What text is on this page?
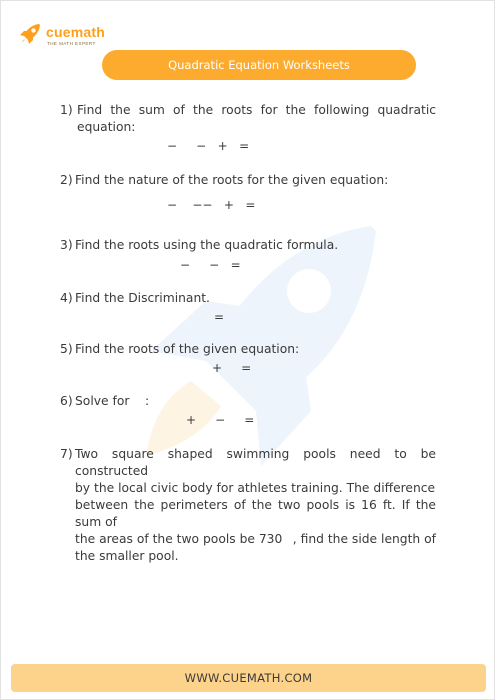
cuemath
THE MATH EXPERT
Quadratic Equation Worksheets
1) Find the sum of the roots for the following quadratic equation:
−     −   +   =
2) Find the nature of the roots for the given equation:
−    −−   +   =
3) Find the roots using the quadratic formula.
−     −   =
4) Find the Discriminant.
=
5) Find the roots of the given equation:
+     =
6) Solve for :
+     −     =
7) Two square shaped swimming pools need to be constructed
by the local civic body for athletes training. The difference
between the perimeters of the two pools is 16 ft. If the sum of
the areas of the two pools be 730 , find the side length of
the smaller pool.
WWW.CUEMATH.COM
